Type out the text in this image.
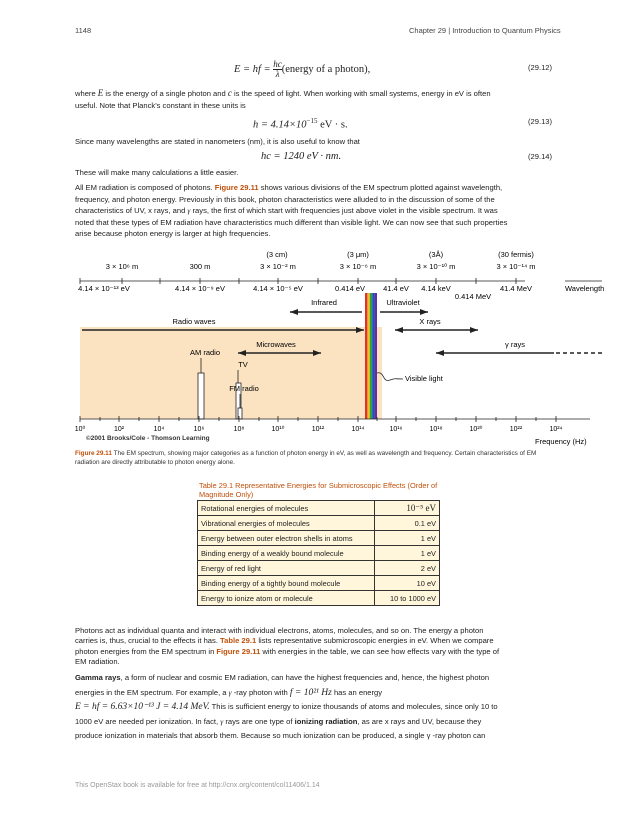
1148	Chapter 29 | Introduction to Quantum Physics
E = hf = $\frac{hc}{\lambda}$ (energy of a photon),	(29.12)
where E is the energy of a single photon and c is the speed of light. When working with small systems, energy in eV is often
useful. Note that Planck's constant in these units is
$h = 4.14\times 10^{-15}$ eV · s.	(29.13)
Since many wavelengths are stated in nanometers (nm), it is also useful to know that
hc = 1240 eV · nm.	(29.14)
These will make many calculations a little easier.
All EM radiation is composed of photons. Figure 29.11 shows various divisions of the EM spectrum plotted against wavelength,
frequency, and photon energy. Previously in this book, photon characteristics were alluded to in the discussion of some of the
characteristics of UV, x rays, and γ rays, the first of which start with frequencies just above violet in the visible spectrum. It was
noted that these types of EM radiation have characteristics much different than visible light. We can now see that such properties
arise because photon energy is larger at high frequencies.
(3 cm)	(3 μm)	(3Å)	(30 fermis)
3 × 10⁶ m	300 m	3 × 10⁻² m	3 × 10⁻⁶ m	3 × 10⁻¹⁰ m	3 × 10⁻¹⁴ m
Wavelength
4.14 × 10⁻¹³ eV	4.14 × 10⁻⁹ eV	4.14 × 10⁻⁵ eV	0.414 eV 41.4 eV 4.14 keV
0.414 MeV
41.4 MeV
Infrared	Ultraviolet
Radio waves	X rays
Microwaves	γ rays
AM radio
TV
FM radio
Visible light
10⁰	10²	10⁴	10⁶	10⁸	10¹⁰	10¹²	10¹⁴	10¹⁶	10¹⁸	10²⁰	10²²	10²⁴
©2001 Brooks/Cole - Thomson Learning	Frequency (Hz)
Figure 29.11 The EM spectrum, showing major categories as a function of photon energy in eV, as well as wavelength and frequency. Certain characteristics of EM radiation are directly attributable to photon energy alone.
Table 29.1 Representative Energies for Submicroscopic Effects (Order of Magnitude Only)
Rotational energies of molecules	10⁻⁵ eV
Vibrational energies of molecules	0.1 eV
Energy between outer electron shells in atoms	1 eV
Binding energy of a weakly bound molecule	1 eV
Energy of red light	2 eV
Binding energy of a tightly bound molecule	10 eV
Energy to ionize atom or molecule	10 to 1000 eV
Photons act as individual quanta and interact with individual electrons, atoms, molecules, and so on. The energy a photon
carries is, thus, crucial to the effects it has. Table 29.1 lists representative submicroscopic energies in eV. When we compare
photon energies from the EM spectrum in Figure 29.11 with energies in the table, we can see how effects vary with the type of
EM radiation.
Gamma rays, a form of nuclear and cosmic EM radiation, can have the highest frequencies and, hence, the highest photon
energies in the EM spectrum. For example, a γ -ray photon with f = 10²¹ Hz has an energy
E = hf = 6.63×10⁻¹³ J = 4.14 MeV. This is sufficient energy to ionize thousands of atoms and molecules, since only 10 to
1000 eV are needed per ionization. In fact, γ rays are one type of ionizing radiation, as are x rays and UV, because they
produce ionization in materials that absorb them. Because so much ionization can be produced, a single γ -ray photon can
This OpenStax book is available for free at http://cnx.org/content/col11406/1.14
